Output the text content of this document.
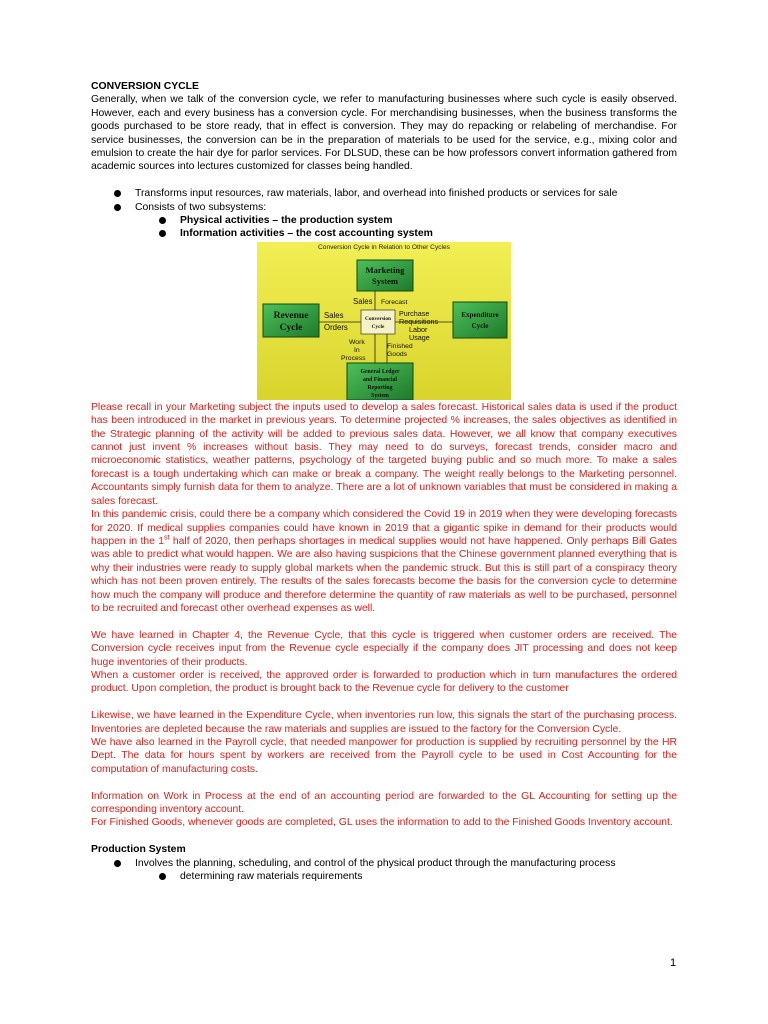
CONVERSION CYCLE
Generally, when we talk of the conversion cycle, we refer to manufacturing businesses where such cycle is easily observed. However, each and every business has a conversion cycle. For merchandising businesses, when the business transforms the goods purchased to be store ready, that in effect is conversion. They may do repacking or relabeling of merchandise. For service businesses, the conversion can be in the preparation of materials to be used for the service, e.g., mixing color and emulsion to create the hair dye for parlor services. For DLSUD, these can be how professors convert information gathered from academic sources into lectures customized for classes being handled.
Transforms input resources, raw materials, labor, and overhead into finished products or services for sale
Consists of two subsystems:
Physical activities – the production system
Information activities – the cost accounting system
Conversion Cycle in Relation to Other Cycles
Marketing
System
Revenue
Cycle
Expenditure
Cycle
Conversion
Cycle
General Ledger
and Financial
Reporting
System
Sales Forecast
Sales
Orders
Purchase
Requisitions
Labor
Usage
Work
In
Process
Finished
Goods
Please recall in your Marketing subject the inputs used to develop a sales forecast. Historical sales data is used if the product has been introduced in the market in previous years. To determine projected % increases, the sales objectives as identified in the Strategic planning of the activity will be added to previous sales data. However, we all know that company executives cannot just invent % increases without basis. They may need to do surveys, forecast trends, consider macro and microeconomic statistics, weather patterns, psychology of the targeted buying public and so much more. To make a sales forecast is a tough undertaking which can make or break a company. The weight really belongs to the Marketing personnel. Accountants simply furnish data for them to analyze. There are a lot of unknown variables that must be considered in making a sales forecast.
In this pandemic crisis, could there be a company which considered the Covid 19 in 2019 when they were developing forecasts for 2020. If medical supplies companies could have known in 2019 that a gigantic spike in demand for their products would happen in the 1st half of 2020, then perhaps shortages in medical supplies would not have happened. Only perhaps Bill Gates was able to predict what would happen. We are also having suspicions that the Chinese government planned everything that is why their industries were ready to supply global markets when the pandemic struck. But this is still part of a conspiracy theory which has not been proven entirely. The results of the sales forecasts become the basis for the conversion cycle to determine how much the company will produce and therefore determine the quantity of raw materials as well to be purchased, personnel to be recruited and forecast other overhead expenses as well.
We have learned in Chapter 4, the Revenue Cycle, that this cycle is triggered when customer orders are received. The Conversion cycle receives input from the Revenue cycle especially if the company does JIT processing and does not keep huge inventories of their products.
When a customer order is received, the approved order is forwarded to production which in turn manufactures the ordered product. Upon completion, the product is brought back to the Revenue cycle for delivery to the customer
Likewise, we have learned in the Expenditure Cycle, when inventories run low, this signals the start of the purchasing process. Inventories are depleted because the raw materials and supplies are issued to the factory for the Conversion Cycle.
We have also learned in the Payroll cycle, that needed manpower for production is supplied by recruiting personnel by the HR Dept. The data for hours spent by workers are received from the Payroll cycle to be used in Cost Accounting for the computation of manufacturing costs.
Information on Work in Process at the end of an accounting period are forwarded to the GL Accounting for setting up the corresponding inventory account.
For Finished Goods, whenever goods are completed, GL uses the information to add to the Finished Goods Inventory account.
Production System
Involves the planning, scheduling, and control of the physical product through the manufacturing process
determining raw materials requirements
1
